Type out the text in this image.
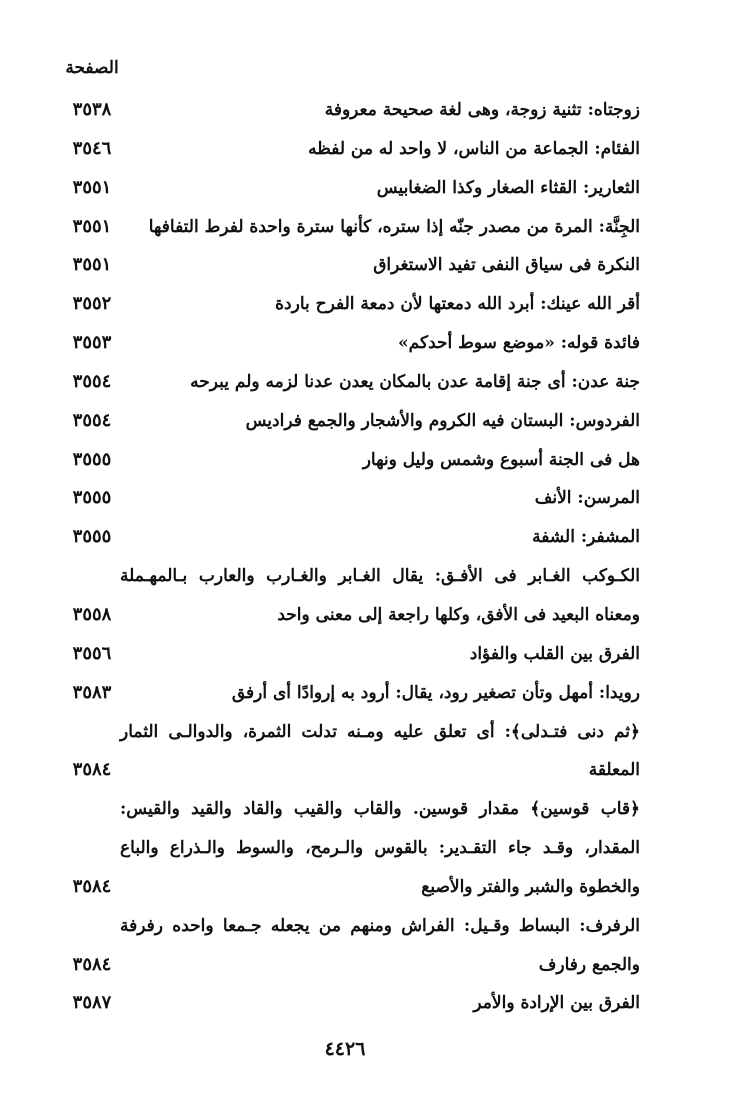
الصفحة
زوجتاه: تثنية زوجة، وهى لغة صحيحة معروفة
٣٥٣٨
الفئام: الجماعة من الناس، لا واحد له من لفظه
٣٥٤٦
الثعارير: القثاء الصغار وكذا الضغابيس
٣٥٥١
الجِنَّة: المرة من مصدر جنّه إذا ستره، كأنها سترة واحدة لفرط التفافها
٣٥٥١
النكرة فى سياق النفى تفيد الاستغراق
٣٥٥١
أقر الله عينك: أبرد الله دمعتها لأن دمعة الفرح باردة
٣٥٥٢
فائدة قوله: «موضع سوط أحدكم»
٣٥٥٣
جنة عدن: أى جنة إقامة عدن بالمكان يعدن عدنا لزمه ولم يبرحه
٣٥٥٤
الفردوس: البستان فيه الكروم والأشجار والجمع فراديس
٣٥٥٤
هل فى الجنة أسبوع وشمس وليل ونهار
٣٥٥٥
المرسن: الأنف
٣٥٥٥
المشفر: الشفة
٣٥٥٥
الكـوكب الغـابر فى الأفـق: يقال الغـابر والغـارب والعارب بـالمهـملة
ومعناه البعيد فى الأفق، وكلها راجعة إلى معنى واحد
٣٥٥٨
الفرق بين القلب والفؤاد
٣٥٥٦
رويدا: أمهل وتأن تصغير رود، يقال: أرود به إروادًا أى أرفق
٣٥٨٣
﴿ثم دنى فتـدلى﴾: أى تعلق عليه ومـنه تدلت الثمرة، والدوالـى الثمار
المعلقة
٣٥٨٤
﴿قاب قوسين﴾ مقدار قوسين. والقاب والقيب والقاد والقيد والقيس:
المقدار، وقـد جاء التقـدير: بالقوس والـرمح، والسوط والـذراع والباع
والخطوة والشبر والفتر والأصبع
٣٥٨٤
الرفرف: البساط وقـيل: الفراش ومنهم من يجعله جـمعا واحده رفرفة
والجمع رفارف
٣٥٨٤
الفرق بين الإرادة والأمر
٣٥٨٧
٤٤٢٦
